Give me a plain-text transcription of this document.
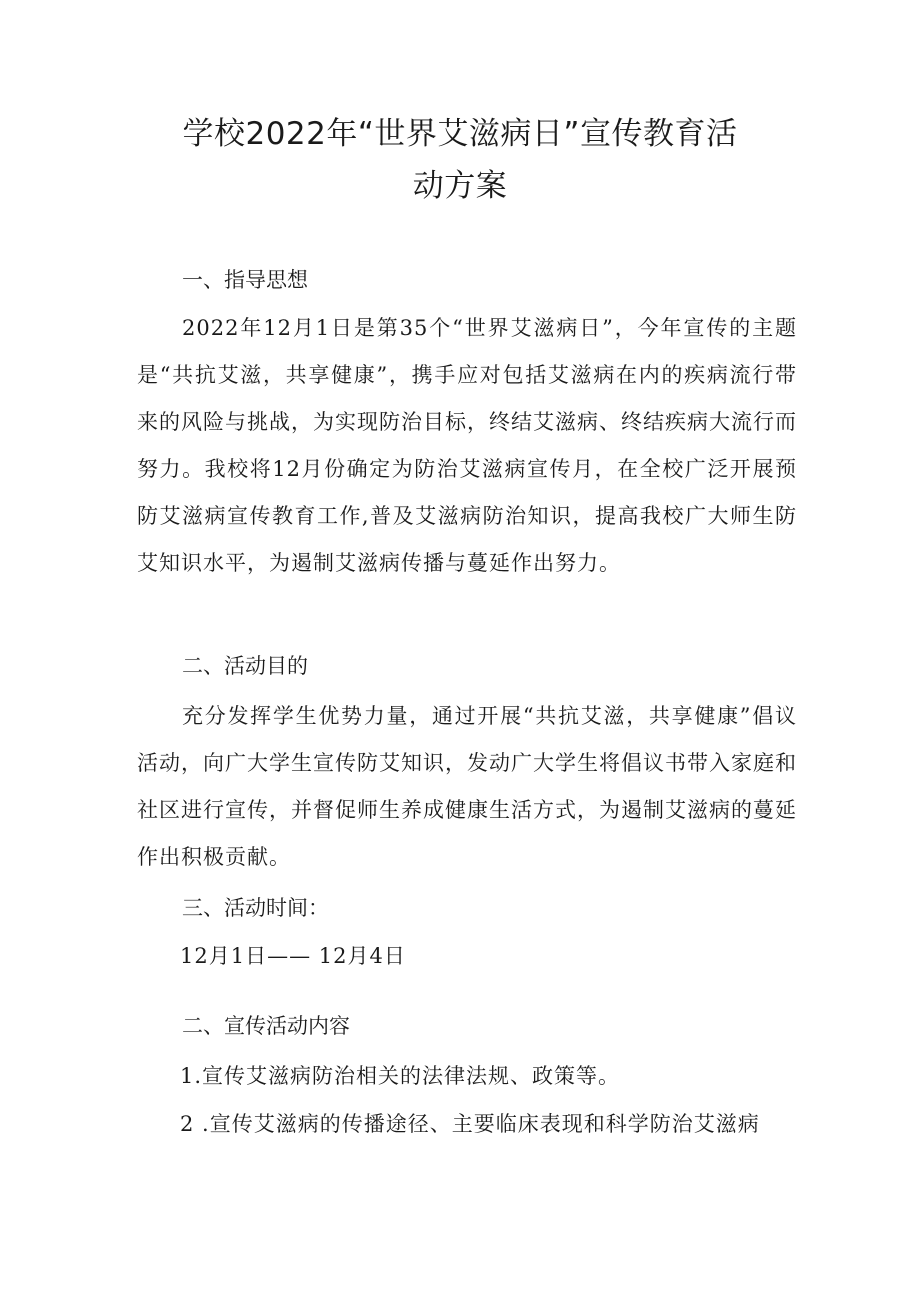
学校2022年“世界艾滋病日”宣传教育活
动方案
一、指导思想
2022年12月1日是第35个“世界艾滋病日”，今年宣传的主题是“共抗艾滋，共享健康”，携手应对包括艾滋病在内的疾病流行带来的风险与挑战，为实现防治目标，终结艾滋病、终结疾病大流行而努力。我校将12月份确定为防治艾滋病宣传月，在全校广泛开展预防艾滋病宣传教育工作,普及艾滋病防治知识，提高我校广大师生防艾知识水平，为遏制艾滋病传播与蔓延作出努力。
二、活动目的
充分发挥学生优势力量，通过开展“共抗艾滋，共享健康”倡议活动，向广大学生宣传防艾知识，发动广大学生将倡议书带入家庭和社区进行宣传，并督促师生养成健康生活方式，为遏制艾滋病的蔓延作出积极贡献。
三、活动时间：
12月1日—— 12月4日
二、宣传活动内容
1.宣传艾滋病防治相关的法律法规、政策等。
2 .宣传艾滋病的传播途径、主要临床表现和科学防治艾滋病
